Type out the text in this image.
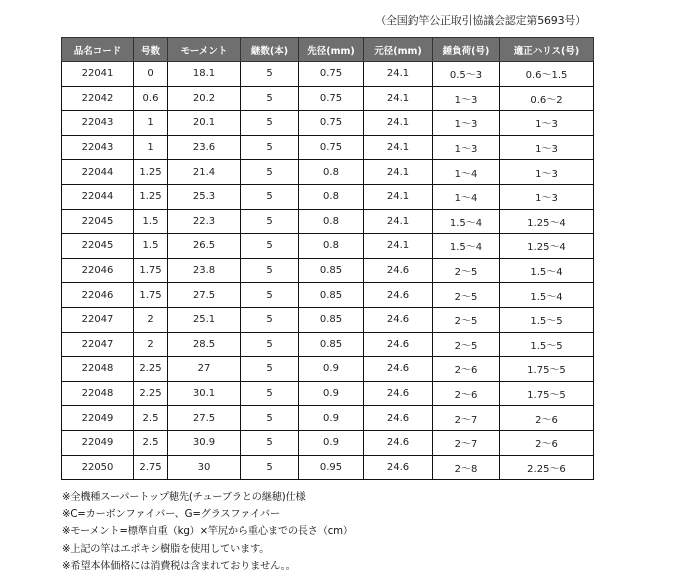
（全国釣竿公正取引協議会認定第5693号）
品名コード	号数	モーメント	継数(本)	先径(mm)	元径(mm)	錘負荷(号)	適正ハリス(号)
22041	0	18.1	5	0.75	24.1	0.5～3	0.6～1.5
22042	0.6	20.2	5	0.75	24.1	1～3	0.6～2
22043	1	20.1	5	0.75	24.1	1～3	1～3
22043	1	23.6	5	0.75	24.1	1～3	1～3
22044	1.25	21.4	5	0.8	24.1	1～4	1～3
22044	1.25	25.3	5	0.8	24.1	1～4	1～3
22045	1.5	22.3	5	0.8	24.1	1.5～4	1.25～4
22045	1.5	26.5	5	0.8	24.1	1.5～4	1.25～4
22046	1.75	23.8	5	0.85	24.6	2～5	1.5～4
22046	1.75	27.5	5	0.85	24.6	2～5	1.5～4
22047	2	25.1	5	0.85	24.6	2～5	1.5～5
22047	2	28.5	5	0.85	24.6	2～5	1.5～5
22048	2.25	27	5	0.9	24.6	2～6	1.75～5
22048	2.25	30.1	5	0.9	24.6	2～6	1.75～5
22049	2.5	27.5	5	0.9	24.6	2～7	2～6
22049	2.5	30.9	5	0.9	24.6	2～7	2～6
22050	2.75	30	5	0.95	24.6	2～8	2.25～6
※全機種スーパートップ穂先(チューブラとの継穂)仕様
※C=カーボンファイバー、G=グラスファイバー
※モーメント=標準自重（kg）×竿尻から重心までの長さ（cm）
※上記の竿はエポキシ樹脂を使用しています。
※希望本体価格には消費税は含まれておりません。。
